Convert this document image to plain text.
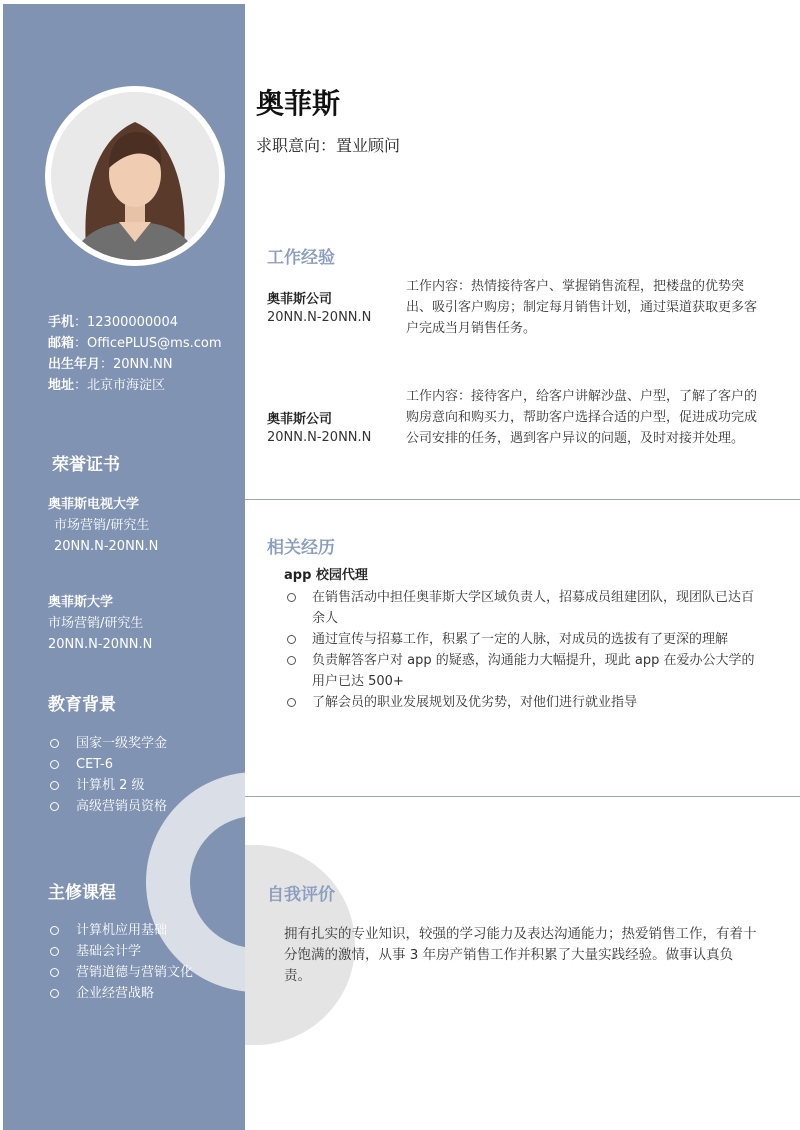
手机：12300000004
邮箱：OfficePLUS@ms.com
出生年月：20NN.NN
地址：北京市海淀区
荣誉证书
奥菲斯电视大学
市场营销/研究生
20NN.N-20NN.N
奥菲斯大学
市场营销/研究生
20NN.N-20NN.N
教育背景
国家一级奖学金
CET-6
计算机 2 级
高级营销员资格
主修课程
计算机应用基础
基础会计学
营销道德与营销文化
企业经营战略
奥菲斯
求职意向：置业顾问
工作经验
奥菲斯公司
20NN.N-20NN.N
工作内容：热情接待客户、掌握销售流程，把楼盘的优势突出、吸引客户购房；制定每月销售计划，通过渠道获取更多客户完成当月销售任务。
奥菲斯公司
20NN.N-20NN.N
工作内容：接待客户，给客户讲解沙盘、户型，了解了客户的购房意向和购买力，帮助客户选择合适的户型，促进成功完成公司安排的任务，遇到客户异议的问题，及时对接并处理。
相关经历
app 校园代理
在销售活动中担任奥菲斯大学区域负责人，招募成员组建团队，现团队已达百余人
通过宣传与招募工作，积累了一定的人脉，对成员的选拔有了更深的理解
负责解答客户对 app 的疑惑，沟通能力大幅提升，现此 app 在爱办公大学的用户已达 500+
了解会员的职业发展规划及优劣势，对他们进行就业指导
自我评价
拥有扎实的专业知识，较强的学习能力及表达沟通能力；热爱销售工作，有着十分饱满的激情，从事 3 年房产销售工作并积累了大量实践经验。做事认真负责。
